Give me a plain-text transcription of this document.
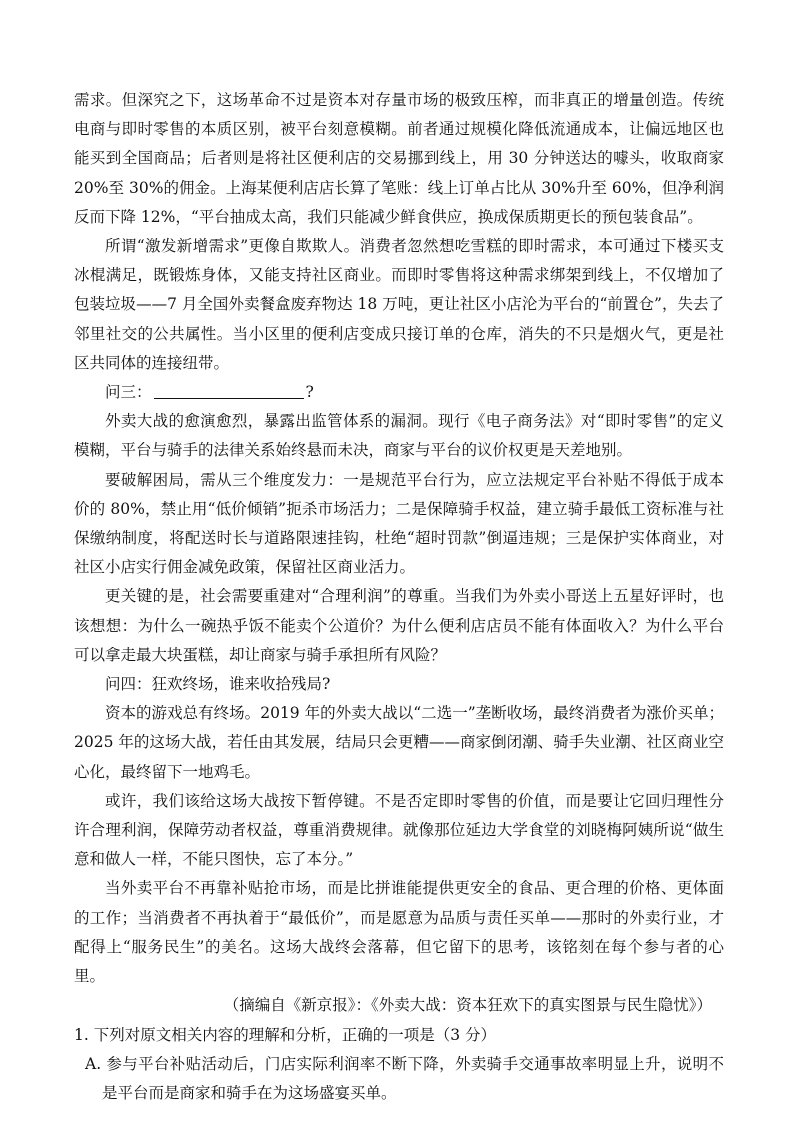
需求。但深究之下，这场革命不过是资本对存量市场的极致压榨，而非真正的增量创造。传统电商与即时零售的本质区别，被平台刻意模糊。前者通过规模化降低流通成本，让偏远地区也能买到全国商品；后者则是将社区便利店的交易挪到线上，用 30 分钟送达的噱头，收取商家 20%至 30%的佣金。上海某便利店店长算了笔账：线上订单占比从 30%升至 60%，但净利润反而下降 12%，“平台抽成太高，我们只能减少鲜食供应，换成保质期更长的预包装食品”。

所谓“激发新增需求”更像自欺欺人。消费者忽然想吃雪糕的即时需求，本可通过下楼买支冰棍满足，既锻炼身体，又能支持社区商业。而即时零售将这种需求绑架到线上，不仅增加了包装垃圾——7 月全国外卖餐盒废弃物达 18 万吨，更让社区小店沦为平台的“前置仓”，失去了邻里社交的公共属性。当小区里的便利店变成只接订单的仓库，消失的不只是烟火气，更是社区共同体的连接纽带。

问三：	?

外卖大战的愈演愈烈，暴露出监管体系的漏洞。现行《电子商务法》对“即时零售”的定义模糊，平台与骑手的法律关系始终悬而未决，商家与平台的议价权更是天差地别。

要破解困局，需从三个维度发力：一是规范平台行为，应立法规定平台补贴不得低于成本价的 80%，禁止用“低价倾销”扼杀市场活力；二是保障骑手权益，建立骑手最低工资标准与社保缴纳制度，将配送时长与道路限速挂钩，杜绝“超时罚款”倒逼违规；三是保护实体商业，对社区小店实行佣金减免政策，保留社区商业活力。

更关键的是，社会需要重建对“合理利润”的尊重。当我们为外卖小哥送上五星好评时，也该想想：为什么一碗热乎饭不能卖个公道价？为什么便利店店员不能有体面收入？为什么平台可以拿走最大块蛋糕，却让商家与骑手承担所有风险？

问四：狂欢终场，谁来收拾残局?

资本的游戏总有终场。2019 年的外卖大战以“二选一”垄断收场，最终消费者为涨价买单；2025 年的这场大战，若任由其发展，结局只会更糟——商家倒闭潮、骑手失业潮、社区商业空心化，最终留下一地鸡毛。

或许，我们该给这场大战按下暂停键。不是否定即时零售的价值，而是要让它回归理性分许合理利润，保障劳动者权益，尊重消费规律。就像那位延边大学食堂的刘晓梅阿姨所说“做生意和做人一样，不能只图快，忘了本分。”

当外卖平台不再靠补贴抢市场，而是比拼谁能提供更安全的食品、更合理的价格、更体面的工作；当消费者不再执着于“最低价”，而是愿意为品质与责任买单——那时的外卖行业，才配得上“服务民生”的美名。这场大战终会落幕，但它留下的思考，该铭刻在每个参与者的心里。

（摘编自《新京报》：《外卖大战：资本狂欢下的真实图景与民生隐忧》）

1. 下列对原文相关内容的理解和分析，正确的一项是（3 分）

A. 参与平台补贴活动后，门店实际利润率不断下降，外卖骑手交通事故率明显上升，说明不是平台而是商家和骑手在为这场盛宴买单。
